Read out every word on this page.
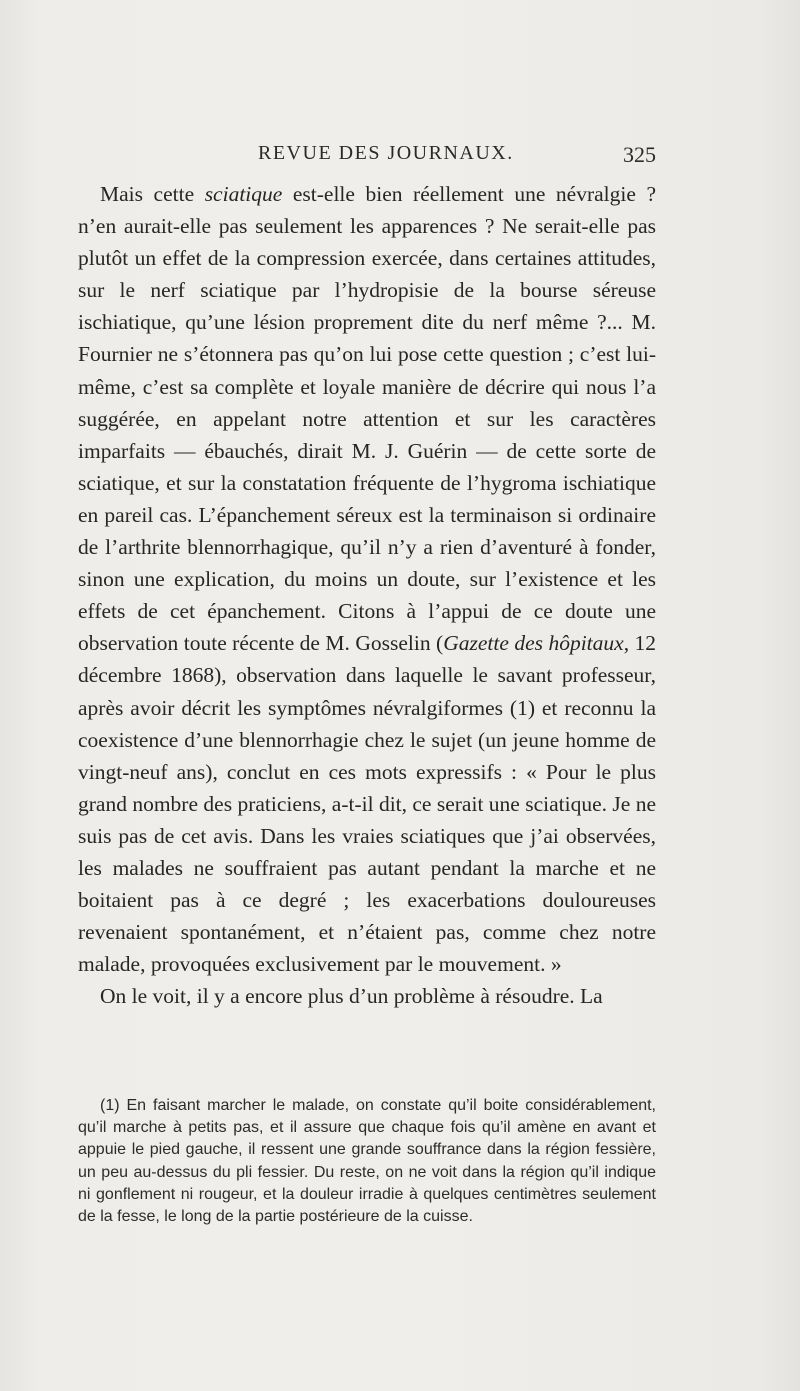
REVUE DES JOURNAUX.	325

Mais cette sciatique est-elle bien réellement une névralgie ? n’en aurait-elle pas seulement les apparences ? Ne serait-elle pas plutôt un effet de la compression exercée, dans certaines attitudes, sur le nerf sciatique par l’hydropisie de la bourse séreuse ischiatique, qu’une lésion proprement dite du nerf même ?... M. Fournier ne s’étonnera pas qu’on lui pose cette question ; c’est lui-même, c’est sa complète et loyale manière de décrire qui nous l’a suggérée, en appelant notre attention et sur les caractères imparfaits — ébauchés, dirait M. J. Guérin — de cette sorte de sciatique, et sur la constatation fréquente de l’hygroma ischiatique en pareil cas. L’épanchement séreux est la terminaison si ordinaire de l’arthrite blennorrhagique, qu’il n’y a rien d’aventuré à fonder, sinon une explication, du moins un doute, sur l’existence et les effets de cet épanchement. Citons à l’appui de ce doute une observation toute récente de M. Gosselin (Gazette des hôpitaux, 12 décembre 1868), observation dans laquelle le savant professeur, après avoir décrit les symptômes névralgiformes (1) et reconnu la coexistence d’une blennorrhagie chez le sujet (un jeune homme de vingt-neuf ans), conclut en ces mots expressifs : « Pour le plus grand nombre des praticiens, a-t-il dit, ce serait une sciatique. Je ne suis pas de cet avis. Dans les vraies sciatiques que j’ai observées, les malades ne souffraient pas autant pendant la marche et ne boitaient pas à ce degré ; les exacerbations douloureuses revenaient spontanément, et n’étaient pas, comme chez notre malade, provoquées exclusivement par le mouvement. »

On le voit, il y a encore plus d’un problème à résoudre. La

(1) En faisant marcher le malade, on constate qu’il boite considérablement, qu’il marche à petits pas, et il assure que chaque fois qu’il amène en avant et appuie le pied gauche, il ressent une grande souffrance dans la région fessière, un peu au-dessus du pli fessier. Du reste, on ne voit dans la région qu’il indique ni gonflement ni rougeur, et la douleur irradie à quelques centimètres seulement de la fesse, le long de la partie postérieure de la cuisse.
